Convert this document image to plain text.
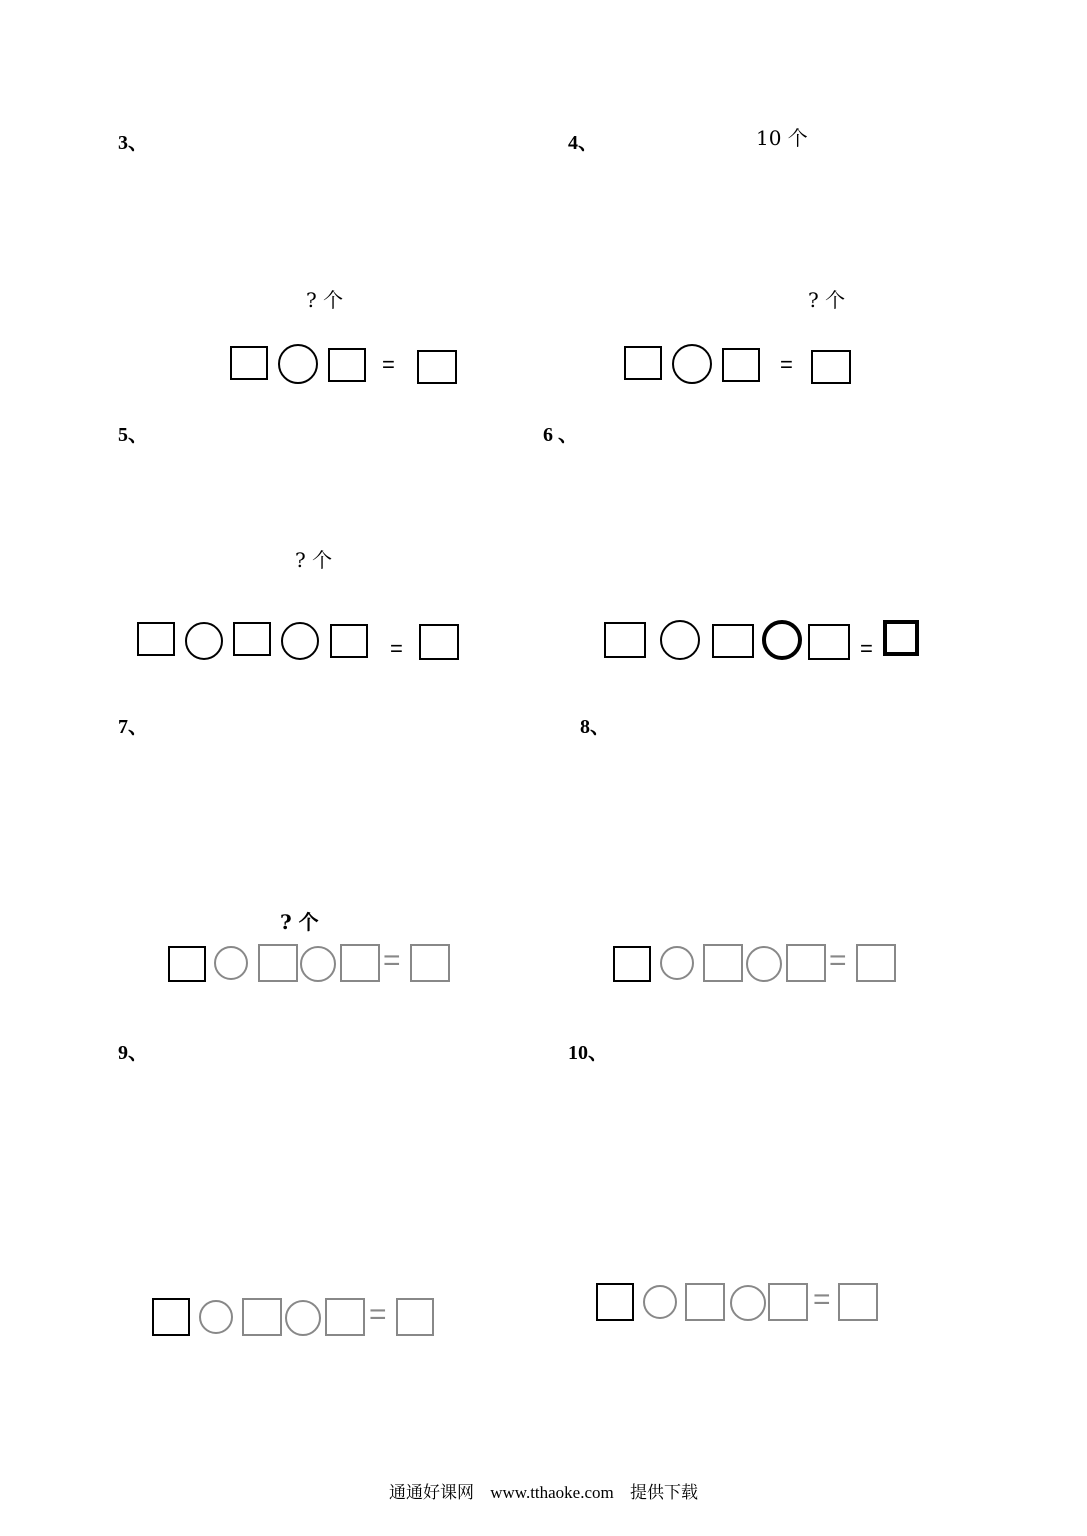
3、
? 个
=
4、	10 个
? 个
=
5、
? 个
=
6 、
=
7、
? 个
=
8、
=
9、
=
10、
=
通通好课网 www.tthaoke.com 提供下载
